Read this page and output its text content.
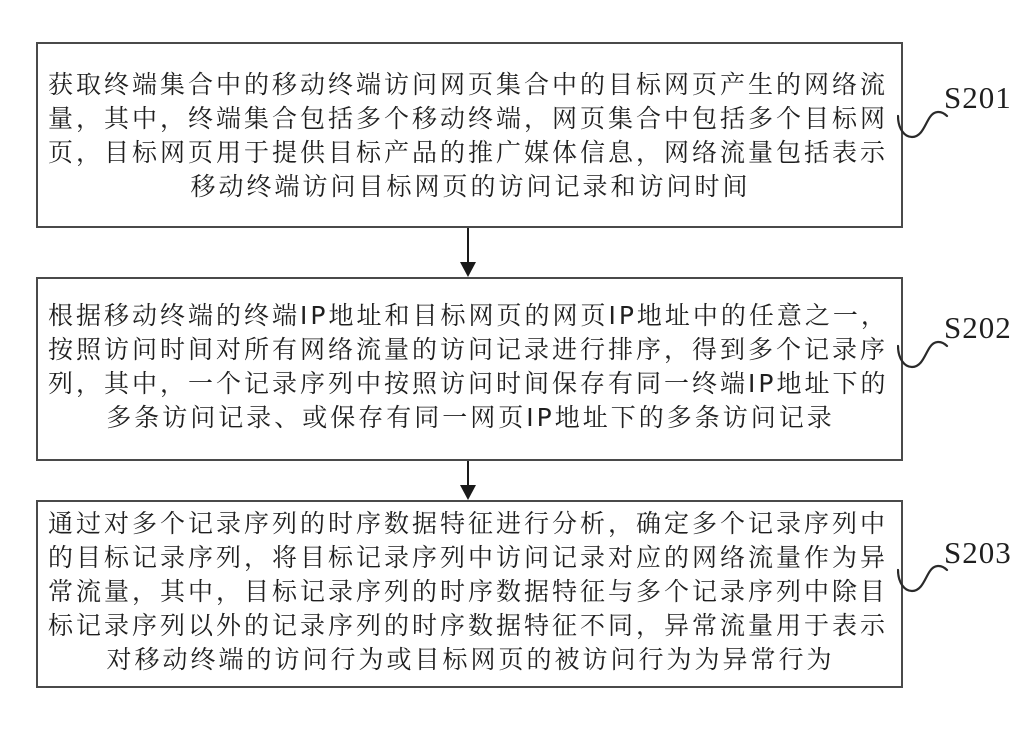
获取终端集合中的移动终端访问网页集合中的目标网页产生的网络流
量，其中，终端集合包括多个移动终端，网页集合中包括多个目标网
页，目标网页用于提供目标产品的推广媒体信息，网络流量包括表示
移动终端访问目标网页的访问记录和访问时间
根据移动终端的终端IP地址和目标网页的网页IP地址中的任意之一，
按照访问时间对所有网络流量的访问记录进行排序，得到多个记录序
列，其中，一个记录序列中按照访问时间保存有同一终端IP地址下的
多条访问记录、或保存有同一网页IP地址下的多条访问记录
通过对多个记录序列的时序数据特征进行分析，确定多个记录序列中
的目标记录序列，将目标记录序列中访问记录对应的网络流量作为异
常流量，其中，目标记录序列的时序数据特征与多个记录序列中除目
标记录序列以外的记录序列的时序数据特征不同，异常流量用于表示
对移动终端的访问行为或目标网页的被访问行为为异常行为
S201
S202
S203
